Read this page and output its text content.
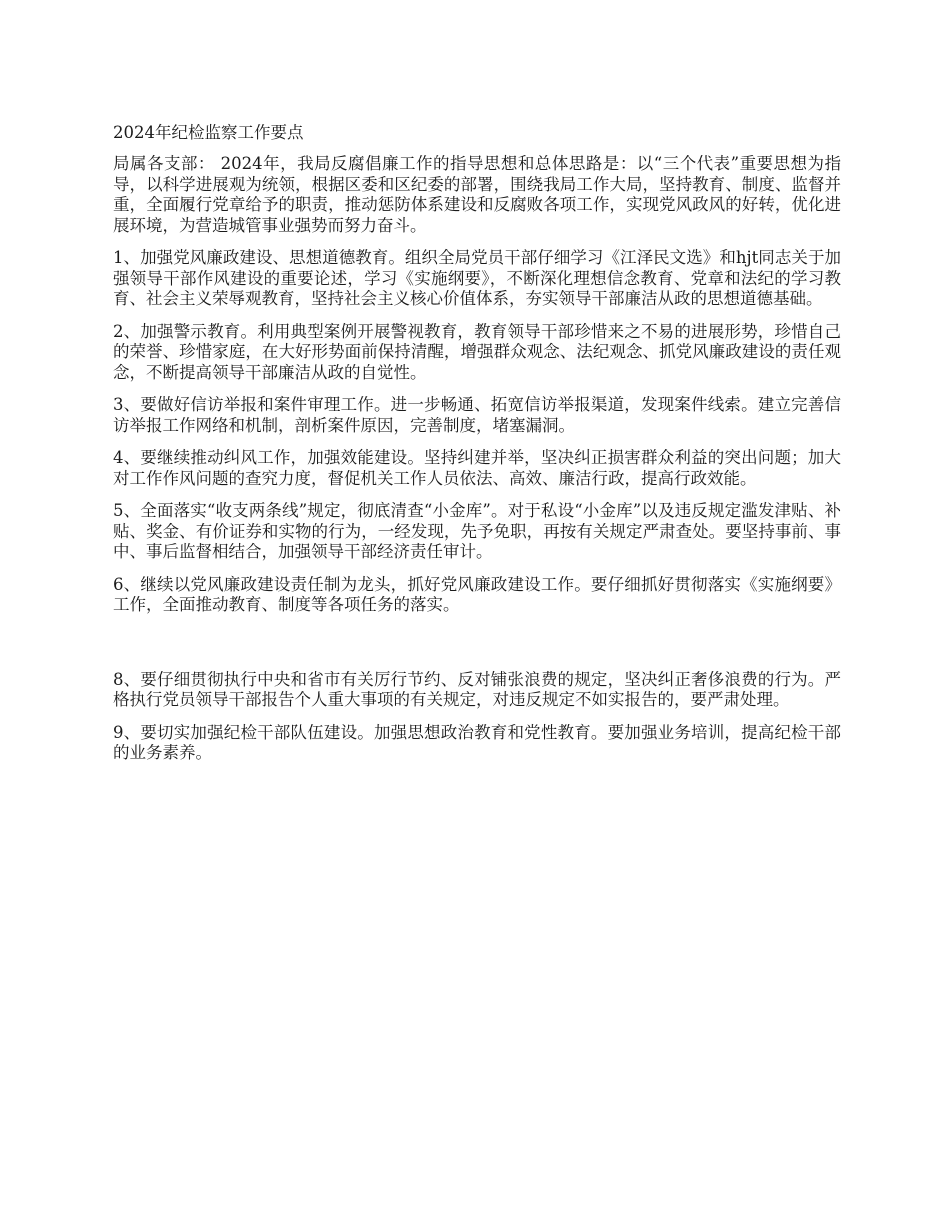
2024年纪检监察工作要点

局属各支部： 2024年，我局反腐倡廉工作的指导思想和总体思路是：以“三个代表”重要思想为指导，以科学进展观为统领，根据区委和区纪委的部署，围绕我局工作大局，坚持教育、制度、监督并重，全面履行党章给予的职责，推动惩防体系建设和反腐败各项工作，实现党风政风的好转，优化进展环境，为营造城管事业强势而努力奋斗。

1、加强党风廉政建设、思想道德教育。组织全局党员干部仔细学习《江泽民文选》和hjt同志关于加强领导干部作风建设的重要论述，学习《实施纲要》，不断深化理想信念教育、党章和法纪的学习教育、社会主义荣辱观教育，坚持社会主义核心价值体系，夯实领导干部廉洁从政的思想道德基础。

2、加强警示教育。利用典型案例开展警视教育，教育领导干部珍惜来之不易的进展形势，珍惜自己的荣誉、珍惜家庭，在大好形势面前保持清醒，增强群众观念、法纪观念、抓党风廉政建设的责任观念，不断提高领导干部廉洁从政的自觉性。

3、要做好信访举报和案件审理工作。进一步畅通、拓宽信访举报渠道，发现案件线索。建立完善信访举报工作网络和机制，剖析案件原因，完善制度，堵塞漏洞。

4、要继续推动纠风工作，加强效能建设。坚持纠建并举，坚决纠正损害群众利益的突出问题；加大对工作作风问题的查究力度，督促机关工作人员依法、高效、廉洁行政，提高行政效能。

5、全面落实“收支两条线”规定，彻底清查“小金库”。对于私设“小金库”以及违反规定滥发津贴、补贴、奖金、有价证券和实物的行为，一经发现，先予免职，再按有关规定严肃查处。要坚持事前、事中、事后监督相结合，加强领导干部经济责任审计。

6、继续以党风廉政建设责任制为龙头，抓好党风廉政建设工作。要仔细抓好贯彻落实《实施纲要》工作，全面推动教育、制度等各项任务的落实。

8、要仔细贯彻执行中央和省市有关厉行节约、反对铺张浪费的规定，坚决纠正奢侈浪费的行为。严格执行党员领导干部报告个人重大事项的有关规定，对违反规定不如实报告的，要严肃处理。

9、要切实加强纪检干部队伍建设。加强思想政治教育和党性教育。要加强业务培训，提高纪检干部的业务素养。
